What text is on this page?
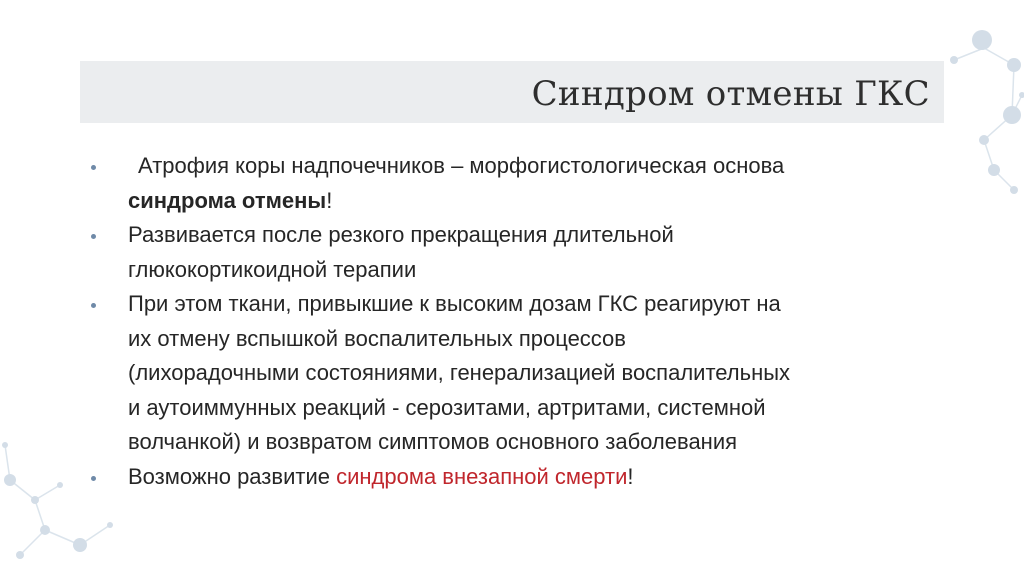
Синдром отмены ГКС
Атрофия коры надпочечников – морфогистологическая основа
синдрома отмены!
Развивается после резкого прекращения длительной
глюкокортикоидной терапии
При этом ткани, привыкшие к высоким дозам ГКС реагируют на
их отмену вспышкой воспалительных процессов
(лихорадочными состояниями, генерализацией воспалительных
и аутоиммунных реакций - серозитами, артритами, системной
волчанкой) и возвратом симптомов основного заболевания
Возможно развитие синдрома внезапной смерти!
